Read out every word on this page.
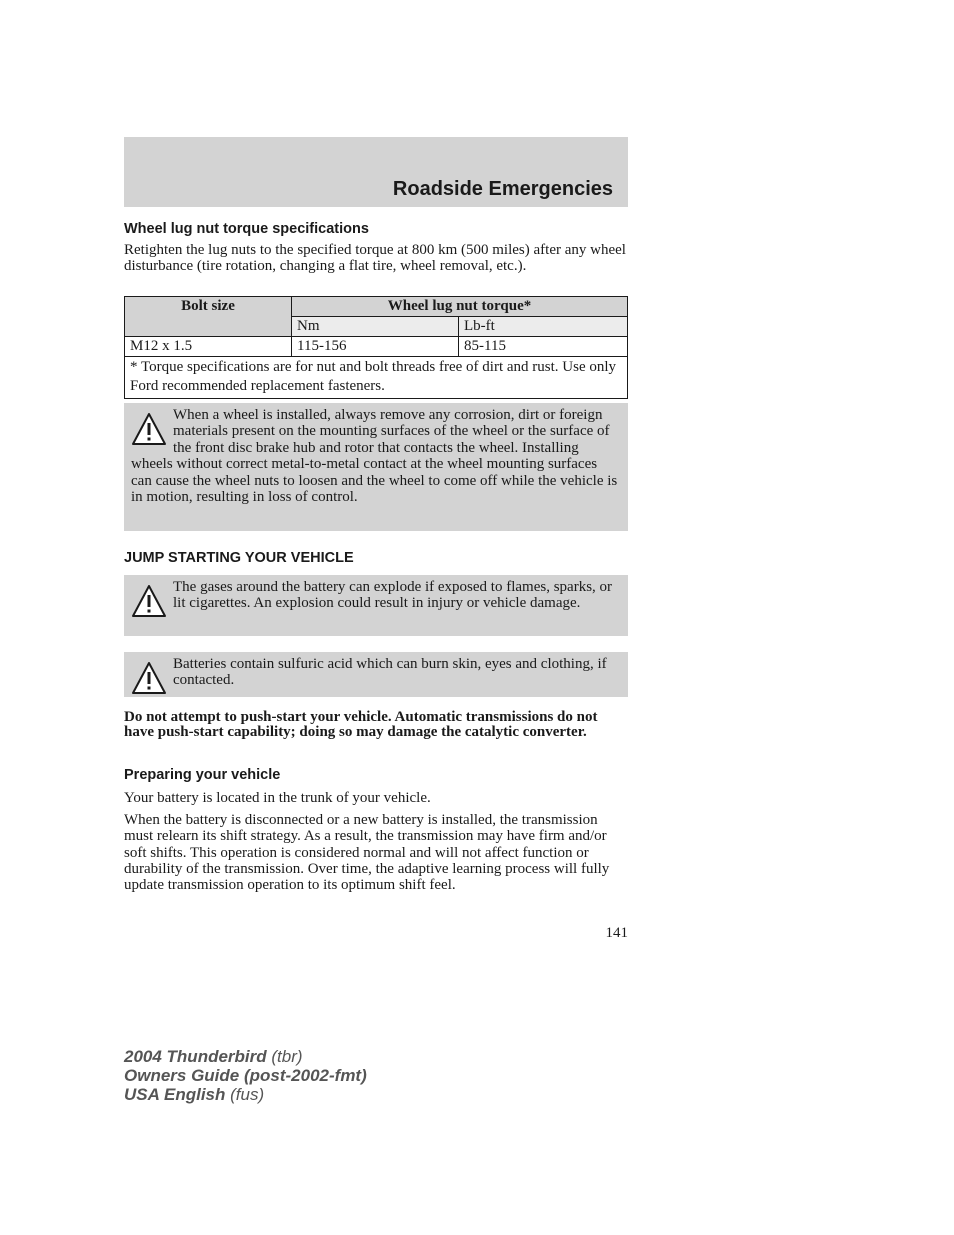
Roadside Emergencies
Wheel lug nut torque specifications

Retighten the lug nuts to the specified torque at 800 km (500 miles) after any wheel disturbance (tire rotation, changing a flat tire, wheel removal, etc.).

Bolt size	Wheel lug nut torque*	
	Nm	Lb-ft
M12 x 1.5	115-156	85-115
* Torque specifications are for nut and bolt threads free of dirt and rust. Use only Ford recommended replacement fasteners.		
When a wheel is installed, always remove any corrosion, dirt or foreign materials present on the mounting surfaces of the wheel or the surface of the front disc brake hub and rotor that contacts the wheel. Installing wheels without correct metal-to-metal contact at the wheel mounting surfaces can cause the wheel nuts to loosen and the wheel to come off while the vehicle is in motion, resulting in loss of control.
JUMP STARTING YOUR VEHICLE
The gases around the battery can explode if exposed to flames, sparks, or lit cigarettes. An explosion could result in injury or vehicle damage.
Batteries contain sulfuric acid which can burn skin, eyes and clothing, if contacted.

Do not attempt to push-start your vehicle. Automatic transmissions do not have push-start capability; doing so may damage the catalytic converter.

Preparing your vehicle

Your battery is located in the trunk of your vehicle.

When the battery is disconnected or a new battery is installed, the transmission must relearn its shift strategy. As a result, the transmission may have firm and/or soft shifts. This operation is considered normal and will not affect function or durability of the transmission. Over time, the adaptive learning process will fully update transmission operation to its optimum shift feel.

141
2004 Thunderbird (tbr)
Owners Guide (post-2002-fmt)
USA English (fus)
